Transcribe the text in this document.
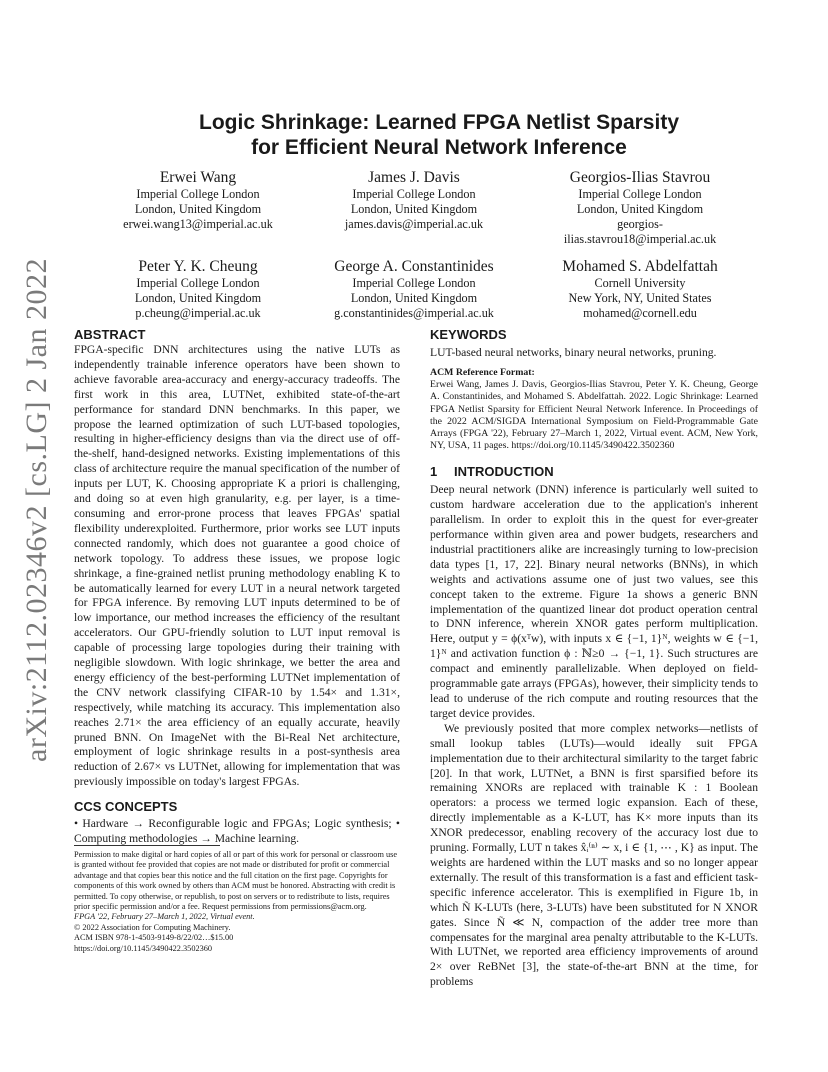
arXiv:2112.02346v2 [cs.LG] 2 Jan 2022
Logic Shrinkage: Learned FPGA Netlist Sparsity
for Efficient Neural Network Inference
Erwei Wang
Imperial College London
London, United Kingdom
erwei.wang13@imperial.ac.uk
James J. Davis
Imperial College London
London, United Kingdom
james.davis@imperial.ac.uk
Georgios-Ilias Stavrou
Imperial College London
London, United Kingdom
georgios-
ilias.stavrou18@imperial.ac.uk
Peter Y. K. Cheung
Imperial College London
London, United Kingdom
p.cheung@imperial.ac.uk
George A. Constantinides
Imperial College London
London, United Kingdom
g.constantinides@imperial.ac.uk
Mohamed S. Abdelfattah
Cornell University
New York, NY, United States
mohamed@cornell.edu
ABSTRACT

FPGA-specific DNN architectures using the native LUTs as independently trainable inference operators have been shown to achieve favorable area-accuracy and energy-accuracy tradeoffs. The first work in this area, LUTNet, exhibited state-of-the-art performance for standard DNN benchmarks. In this paper, we propose the learned optimization of such LUT-based topologies, resulting in higher-efficiency designs than via the direct use of off-the-shelf, hand-designed networks. Existing implementations of this class of architecture require the manual specification of the number of inputs per LUT, K. Choosing appropriate K a priori is challenging, and doing so at even high granularity, e.g. per layer, is a time-consuming and error-prone process that leaves FPGAs' spatial flexibility underexploited. Furthermore, prior works see LUT inputs connected randomly, which does not guarantee a good choice of network topology. To address these issues, we propose logic shrinkage, a fine-grained netlist pruning methodology enabling K to be automatically learned for every LUT in a neural network targeted for FPGA inference. By removing LUT inputs determined to be of low importance, our method increases the efficiency of the resultant accelerators. Our GPU-friendly solution to LUT input removal is capable of processing large topologies during their training with negligible slowdown. With logic shrinkage, we better the area and energy efficiency of the best-performing LUTNet implementation of the CNV network classifying CIFAR-10 by 1.54× and 1.31×, respectively, while matching its accuracy. This implementation also reaches 2.71× the area efficiency of an equally accurate, heavily pruned BNN. On ImageNet with the Bi-Real Net architecture, employment of logic shrinkage results in a post-synthesis area reduction of 2.67× vs LUTNet, allowing for implementation that was previously impossible on today's largest FPGAs.

CCS CONCEPTS

• Hardware → Reconfigurable logic and FPGAs; Logic synthesis; • Computing methodologies → Machine learning.

Permission to make digital or hard copies of all or part of this work for personal or classroom use is granted without fee provided that copies are not made or distributed for profit or commercial advantage and that copies bear this notice and the full citation on the first page. Copyrights for components of this work owned by others than ACM must be honored. Abstracting with credit is permitted. To copy otherwise, or republish, to post on servers or to redistribute to lists, requires prior specific permission and/or a fee. Request permissions from permissions@acm.org.

FPGA '22, February 27–March 1, 2022, Virtual event.

© 2022 Association for Computing Machinery.

ACM ISBN 978-1-4503-9149-8/22/02…$15.00

https://doi.org/10.1145/3490422.3502360

KEYWORDS

LUT-based neural networks, binary neural networks, pruning.

ACM Reference Format:

Erwei Wang, James J. Davis, Georgios-Ilias Stavrou, Peter Y. K. Cheung, George A. Constantinides, and Mohamed S. Abdelfattah. 2022. Logic Shrinkage: Learned FPGA Netlist Sparsity for Efficient Neural Network Inference. In Proceedings of the 2022 ACM/SIGDA International Symposium on Field-Programmable Gate Arrays (FPGA '22), February 27–March 1, 2022, Virtual event. ACM, New York, NY, USA, 11 pages. https://doi.org/10.1145/3490422.3502360

1	INTRODUCTION

Deep neural network (DNN) inference is particularly well suited to custom hardware acceleration due to the application's inherent parallelism. In order to exploit this in the quest for ever-greater performance within given area and power budgets, researchers and industrial practitioners alike are increasingly turning to low-precision data types [1, 17, 22]. Binary neural networks (BNNs), in which weights and activations assume one of just two values, see this concept taken to the extreme. Figure 1a shows a generic BNN implementation of the quantized linear dot product operation central to DNN inference, wherein XNOR gates perform multiplication. Here, output y = ϕ(xᵀw), with inputs x ∈ {−1, 1}ᴺ, weights w ∈ {−1, 1}ᴺ and activation function ϕ : ℕ≥0 → {−1, 1}. Such structures are compact and eminently parallelizable. When deployed on field-programmable gate arrays (FPGAs), however, their simplicity tends to lead to underuse of the rich compute and routing resources that the target device provides.

We previously posited that more complex networks—netlists of small lookup tables (LUTs)—would ideally suit FPGA implementation due to their architectural similarity to the target fabric [20]. In that work, LUTNet, a BNN is first sparsified before its remaining XNORs are replaced with trainable K : 1 Boolean operators: a process we termed logic expansion. Each of these, directly implementable as a K-LUT, has K× more inputs than its XNOR predecessor, enabling recovery of the accuracy lost due to pruning. Formally, LUT n takes x̂ᵢ⁽ⁿ⁾ ∼ x, i ∈ {1, ⋯ , K} as input. The weights are hardened within the LUT masks and so no longer appear externally. The result of this transformation is a fast and efficient task-specific inference accelerator. This is exemplified in Figure 1b, in which Ñ K-LUTs (here, 3-LUTs) have been substituted for N XNOR gates. Since Ñ ≪ N, compaction of the adder tree more than compensates for the marginal area penalty attributable to the K-LUTs. With LUTNet, we reported area efficiency improvements of around 2× over ReBNet [3], the state-of-the-art BNN at the time, for problems
